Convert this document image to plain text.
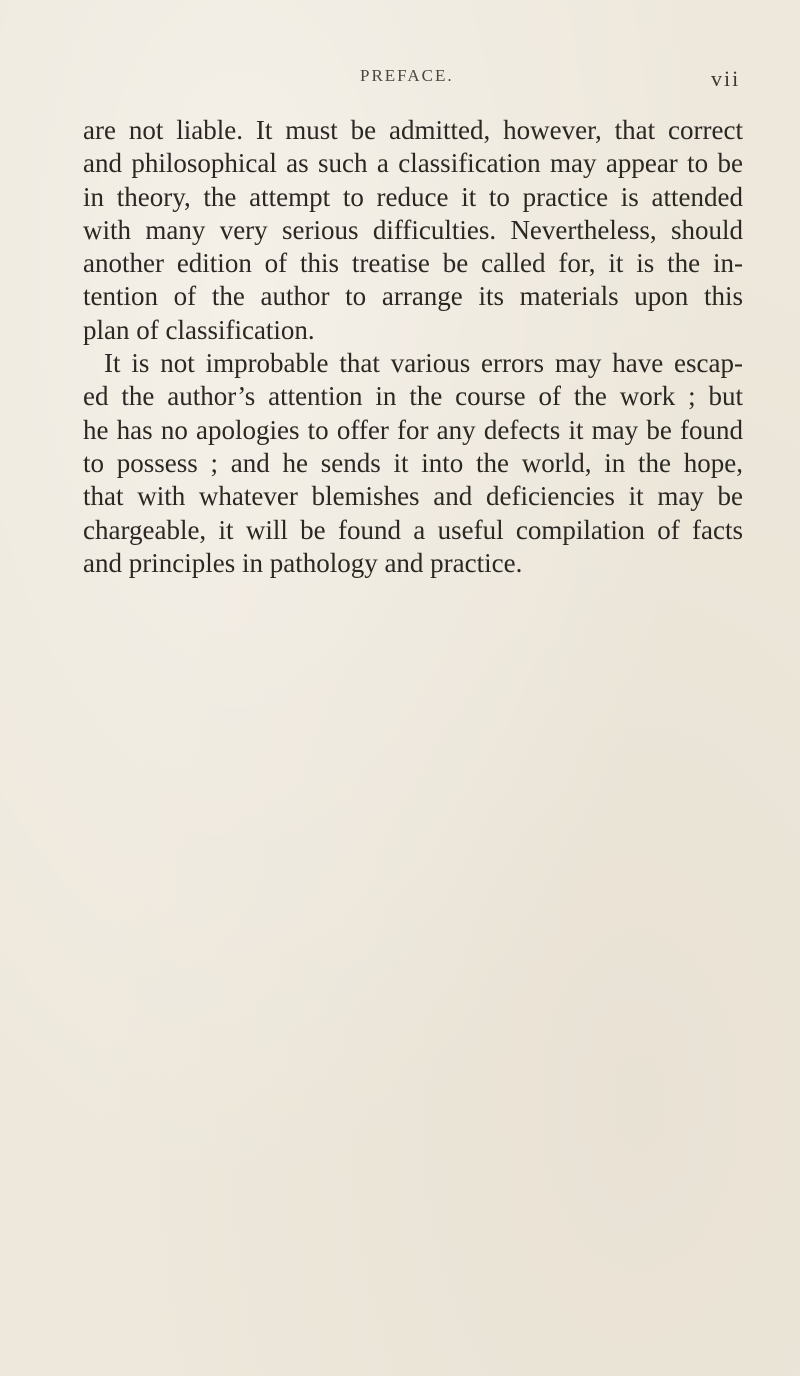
PREFACE.	vii
are not liable. It must be admitted, however, that correct
and philosophical as such a classification may appear to be
in theory, the attempt to reduce it to practice is attended
with many very serious difficulties. Nevertheless, should
another edition of this treatise be called for, it is the in-
tention of the author to arrange its materials upon this
plan of classification.
It is not improbable that various errors may have escap-
ed the author’s attention in the course of the work ; but
he has no apologies to offer for any defects it may be found
to possess ; and he sends it into the world, in the hope,
that with whatever blemishes and deficiencies it may be
chargeable, it will be found a useful compilation of facts
and principles in pathology and practice.
